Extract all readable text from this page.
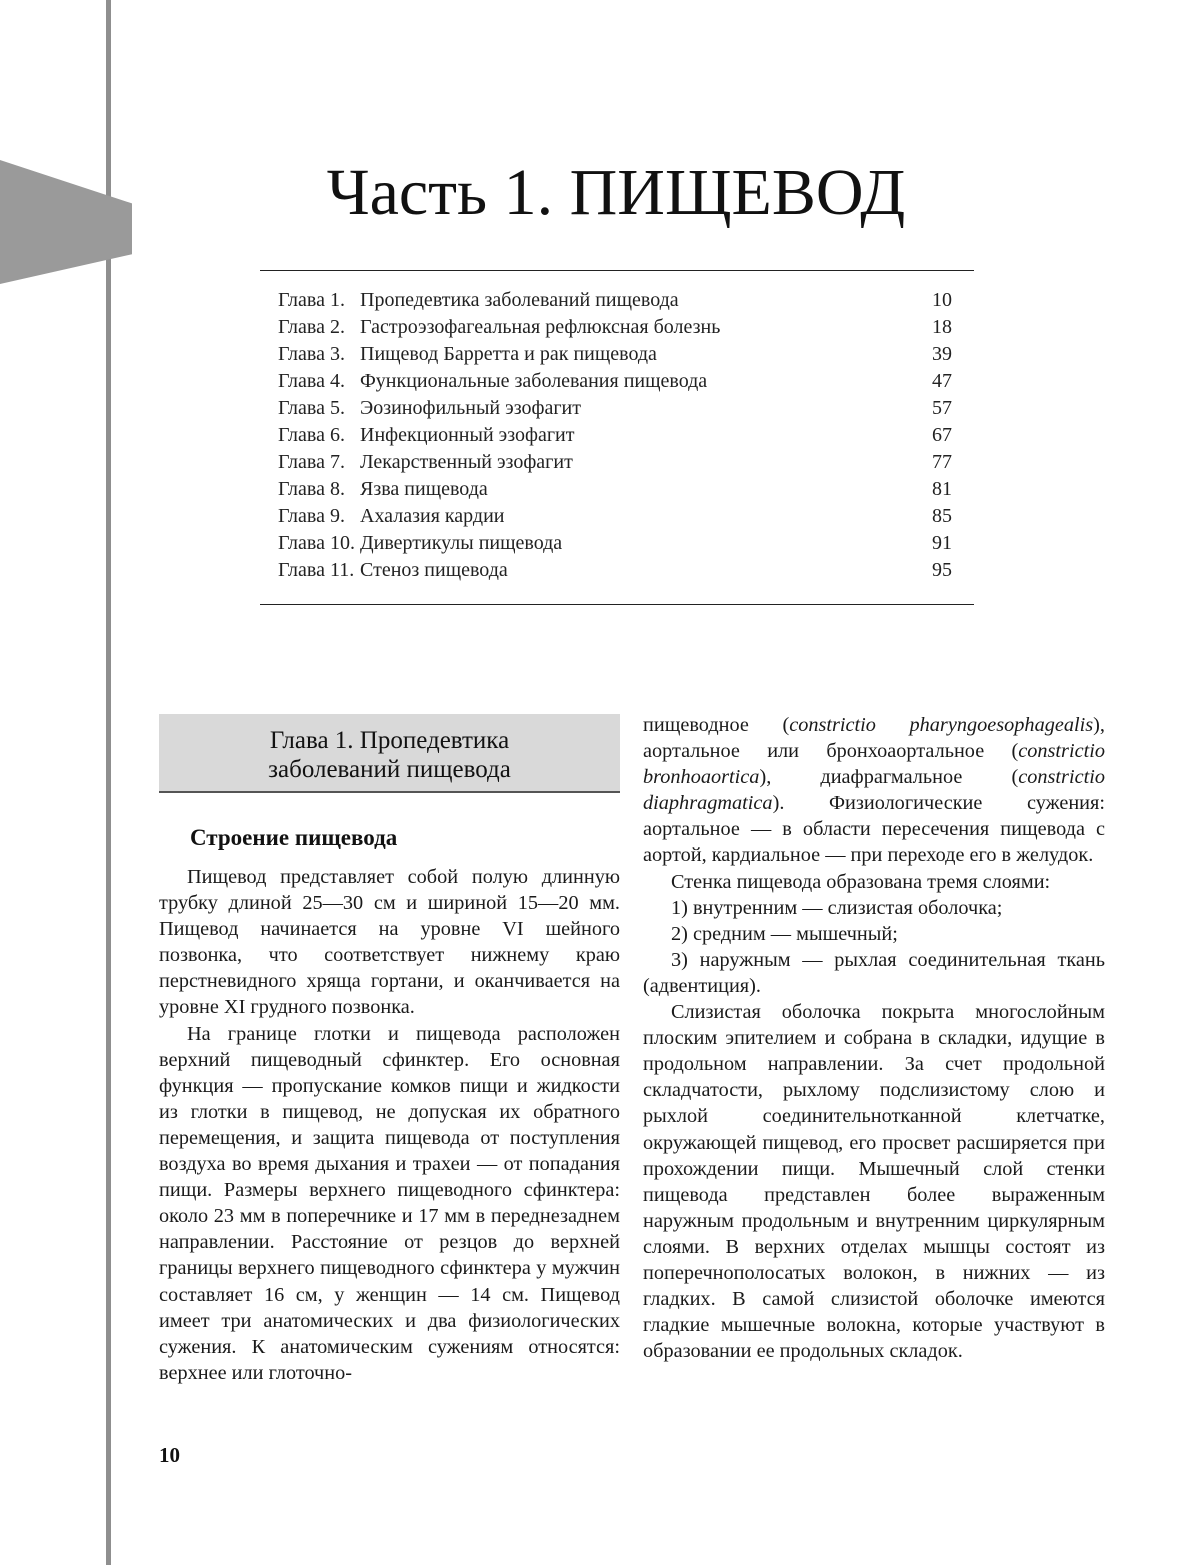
Часть 1. ПИЩЕВОД
Глава 1. Пропедевтика заболеваний пищевода	10
Глава 2. Гастроэзофагеальная рефлюксная болезнь	18
Глава 3. Пищевод Барретта и рак пищевода	39
Глава 4. Функциональные заболевания пищевода	47
Глава 5. Эозинофильный эзофагит	57
Глава 6. Инфекционный эзофагит	67
Глава 7. Лекарственный эзофагит	77
Глава 8. Язва пищевода	81
Глава 9. Ахалазия кардии	85
Глава 10. Дивертикулы пищевода	91
Глава 11. Стеноз пищевода	95
Глава 1. Пропедевтика
заболеваний пищевода
Строение пищевода

Пищевод представляет собой полую длинную трубку длиной 25—30 см и шириной 15—20 мм. Пищевод начинается на уровне VI шейного позвонка, что соответствует нижнему краю перстневидного хряща гортани, и оканчивается на уровне XI грудного позвонка.

На границе глотки и пищевода расположен верхний пищеводный сфинктер. Его основная функция — пропускание комков пищи и жидкости из глотки в пищевод, не допуская их обратного перемещения, и защита пищевода от поступления воздуха во время дыхания и трахеи — от попадания пищи. Размеры верхнего пищеводного сфинктера: около 23 мм в поперечнике и 17 мм в переднезаднем направлении. Расстояние от резцов до верхней границы верхнего пищеводного сфинктера у мужчин составляет 16 см, у женщин — 14 см. Пищевод имеет три анатомических и два физиологических сужения. К анатомическим сужениям относятся: верхнее или глоточно-

пищеводное (constrictio pharyngoesophagealis), аортальное или бронхоаортальное (constrictio bronhoaortica), диафрагмальное (constrictio diaphragmatica). Физиологические сужения: аортальное — в области пересечения пищевода с аортой, кардиальное — при переходе его в желудок.

Стенка пищевода образована тремя слоями:

1) внутренним — слизистая оболочка;

2) средним — мышечный;

3) наружным — рыхлая соединительная ткань (адвентиция).

Слизистая оболочка покрыта многослойным плоским эпителием и собрана в складки, идущие в продольном направлении. За счет продольной складчатости, рыхлому подслизистому слою и рыхлой соединительнотканной клетчатке, окружающей пищевод, его просвет расширяется при прохождении пищи. Мышечный слой стенки пищевода представлен более выраженным наружным продольным и внутренним циркулярным слоями. В верхних отделах мышцы состоят из поперечнополосатых волокон, в нижних — из гладких. В самой слизистой оболочке имеются гладкие мышечные волокна, которые участвуют в образовании ее продольных складок.

10
